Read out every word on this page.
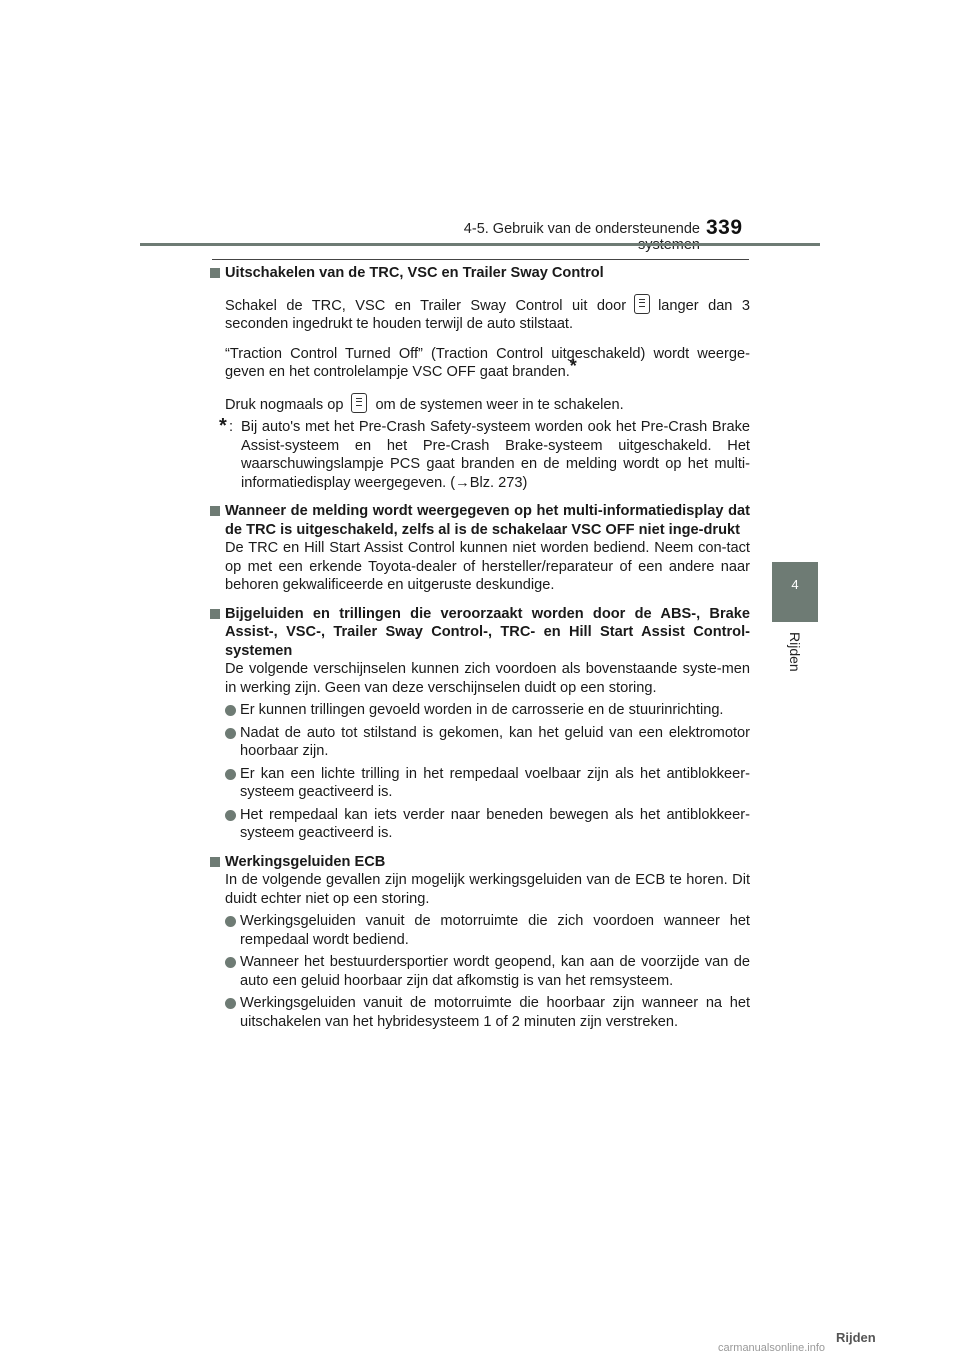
4-5. Gebruik van de ondersteunende 339
4
Rijden
Uitschakelen van de TRC, VSC en Trailer Sway Control
Schakel de TRC, VSC en Trailer Sway Control uit door langer dan 3 seconden ingedrukt te houden terwijl de auto stilstaat.
“Traction Control Turned Off” (Traction Control uitgeschakeld) wordt weerge-geven en het controlelampje VSC OFF gaat branden.*
Druk nogmaals op om de systemen weer in te schakelen.
* : Bij auto's met het Pre-Crash Safety-systeem worden ook het Pre-Crash Brake Assist-systeem en het Pre-Crash Brake-systeem uitgeschakeld. Het waarschuwingslampje PCS gaat branden en de melding wordt op het multi-informatiedisplay weergegeven. (→Blz. 273)
Wanneer de melding wordt weergegeven op het multi-informatiedisplay dat de TRC is uitgeschakeld, zelfs al is de schakelaar VSC OFF niet inge-drukt
De TRC en Hill Start Assist Control kunnen niet worden bediend. Neem con-tact op met een erkende Toyota-dealer of hersteller/reparateur of een andere naar behoren gekwalificeerde en uitgeruste deskundige.
Bijgeluiden en trillingen die veroorzaakt worden door de ABS-, Brake Assist-, VSC-, Trailer Sway Control-, TRC- en Hill Start Assist Control-systemen
De volgende verschijnselen kunnen zich voordoen als bovenstaande syste-men in werking zijn. Geen van deze verschijnselen duidt op een storing.
Er kunnen trillingen gevoeld worden in de carrosserie en de stuurinrichting.
Nadat de auto tot stilstand is gekomen, kan het geluid van een elektromotor hoorbaar zijn.
Er kan een lichte trilling in het rempedaal voelbaar zijn als het antiblokkeer-systeem geactiveerd is.
Het rempedaal kan iets verder naar beneden bewegen als het antiblokkeer-systeem geactiveerd is.
Werkingsgeluiden ECB
In de volgende gevallen zijn mogelijk werkingsgeluiden van de ECB te horen. Dit duidt echter niet op een storing.
Werkingsgeluiden vanuit de motorruimte die zich voordoen wanneer het rempedaal wordt bediend.
Wanneer het bestuurdersportier wordt geopend, kan aan de voorzijde van de auto een geluid hoorbaar zijn dat afkomstig is van het remsysteem.
Werkingsgeluiden vanuit de motorruimte die hoorbaar zijn wanneer na het uitschakelen van het hybridesysteem 1 of 2 minuten zijn verstreken.
Rijden
carmanualsonline.info
